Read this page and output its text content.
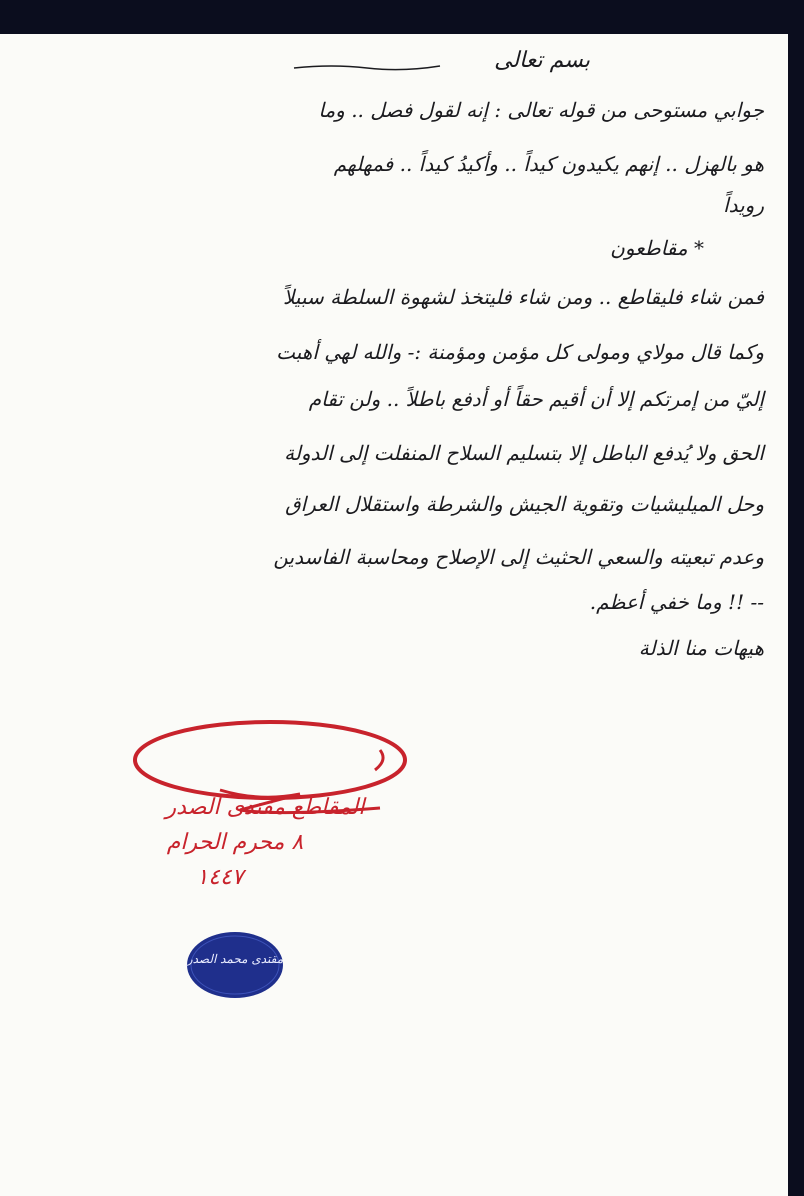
بسم تعالى
جوابي مستوحى من قوله تعالى : إنه لقول فصل .. وما
هو بالهزل .. إنهم يكيدون كيداً .. وأكيدُ كيداً .. فمهلهم
رويداً
* مقاطعون
فمن شاء فليقاطع .. ومن شاء فليتخذ لشهوة السلطة سبيلاً
وكما قال مولاي ومولى كل مؤمن ومؤمنة :- والله لهي أهبت
إليّ من إمرتكم إلا أن أقيم حقاً أو أدفع باطلاً .. ولن تقام
الحق ولا يُدفع الباطل إلا بتسليم السلاح المنفلت إلى الدولة
وحل الميليشيات وتقوية الجيش والشرطة واستقلال العراق
وعدم تبعيته والسعي الحثيث إلى الإصلاح ومحاسبة الفاسدين
-- !! وما خفي أعظم.
هيهات منا الذلة
المقاطع مقتدى الصدر
٨ محرم الحرام
١٤٤٧
مقتدى محمد الصدر
